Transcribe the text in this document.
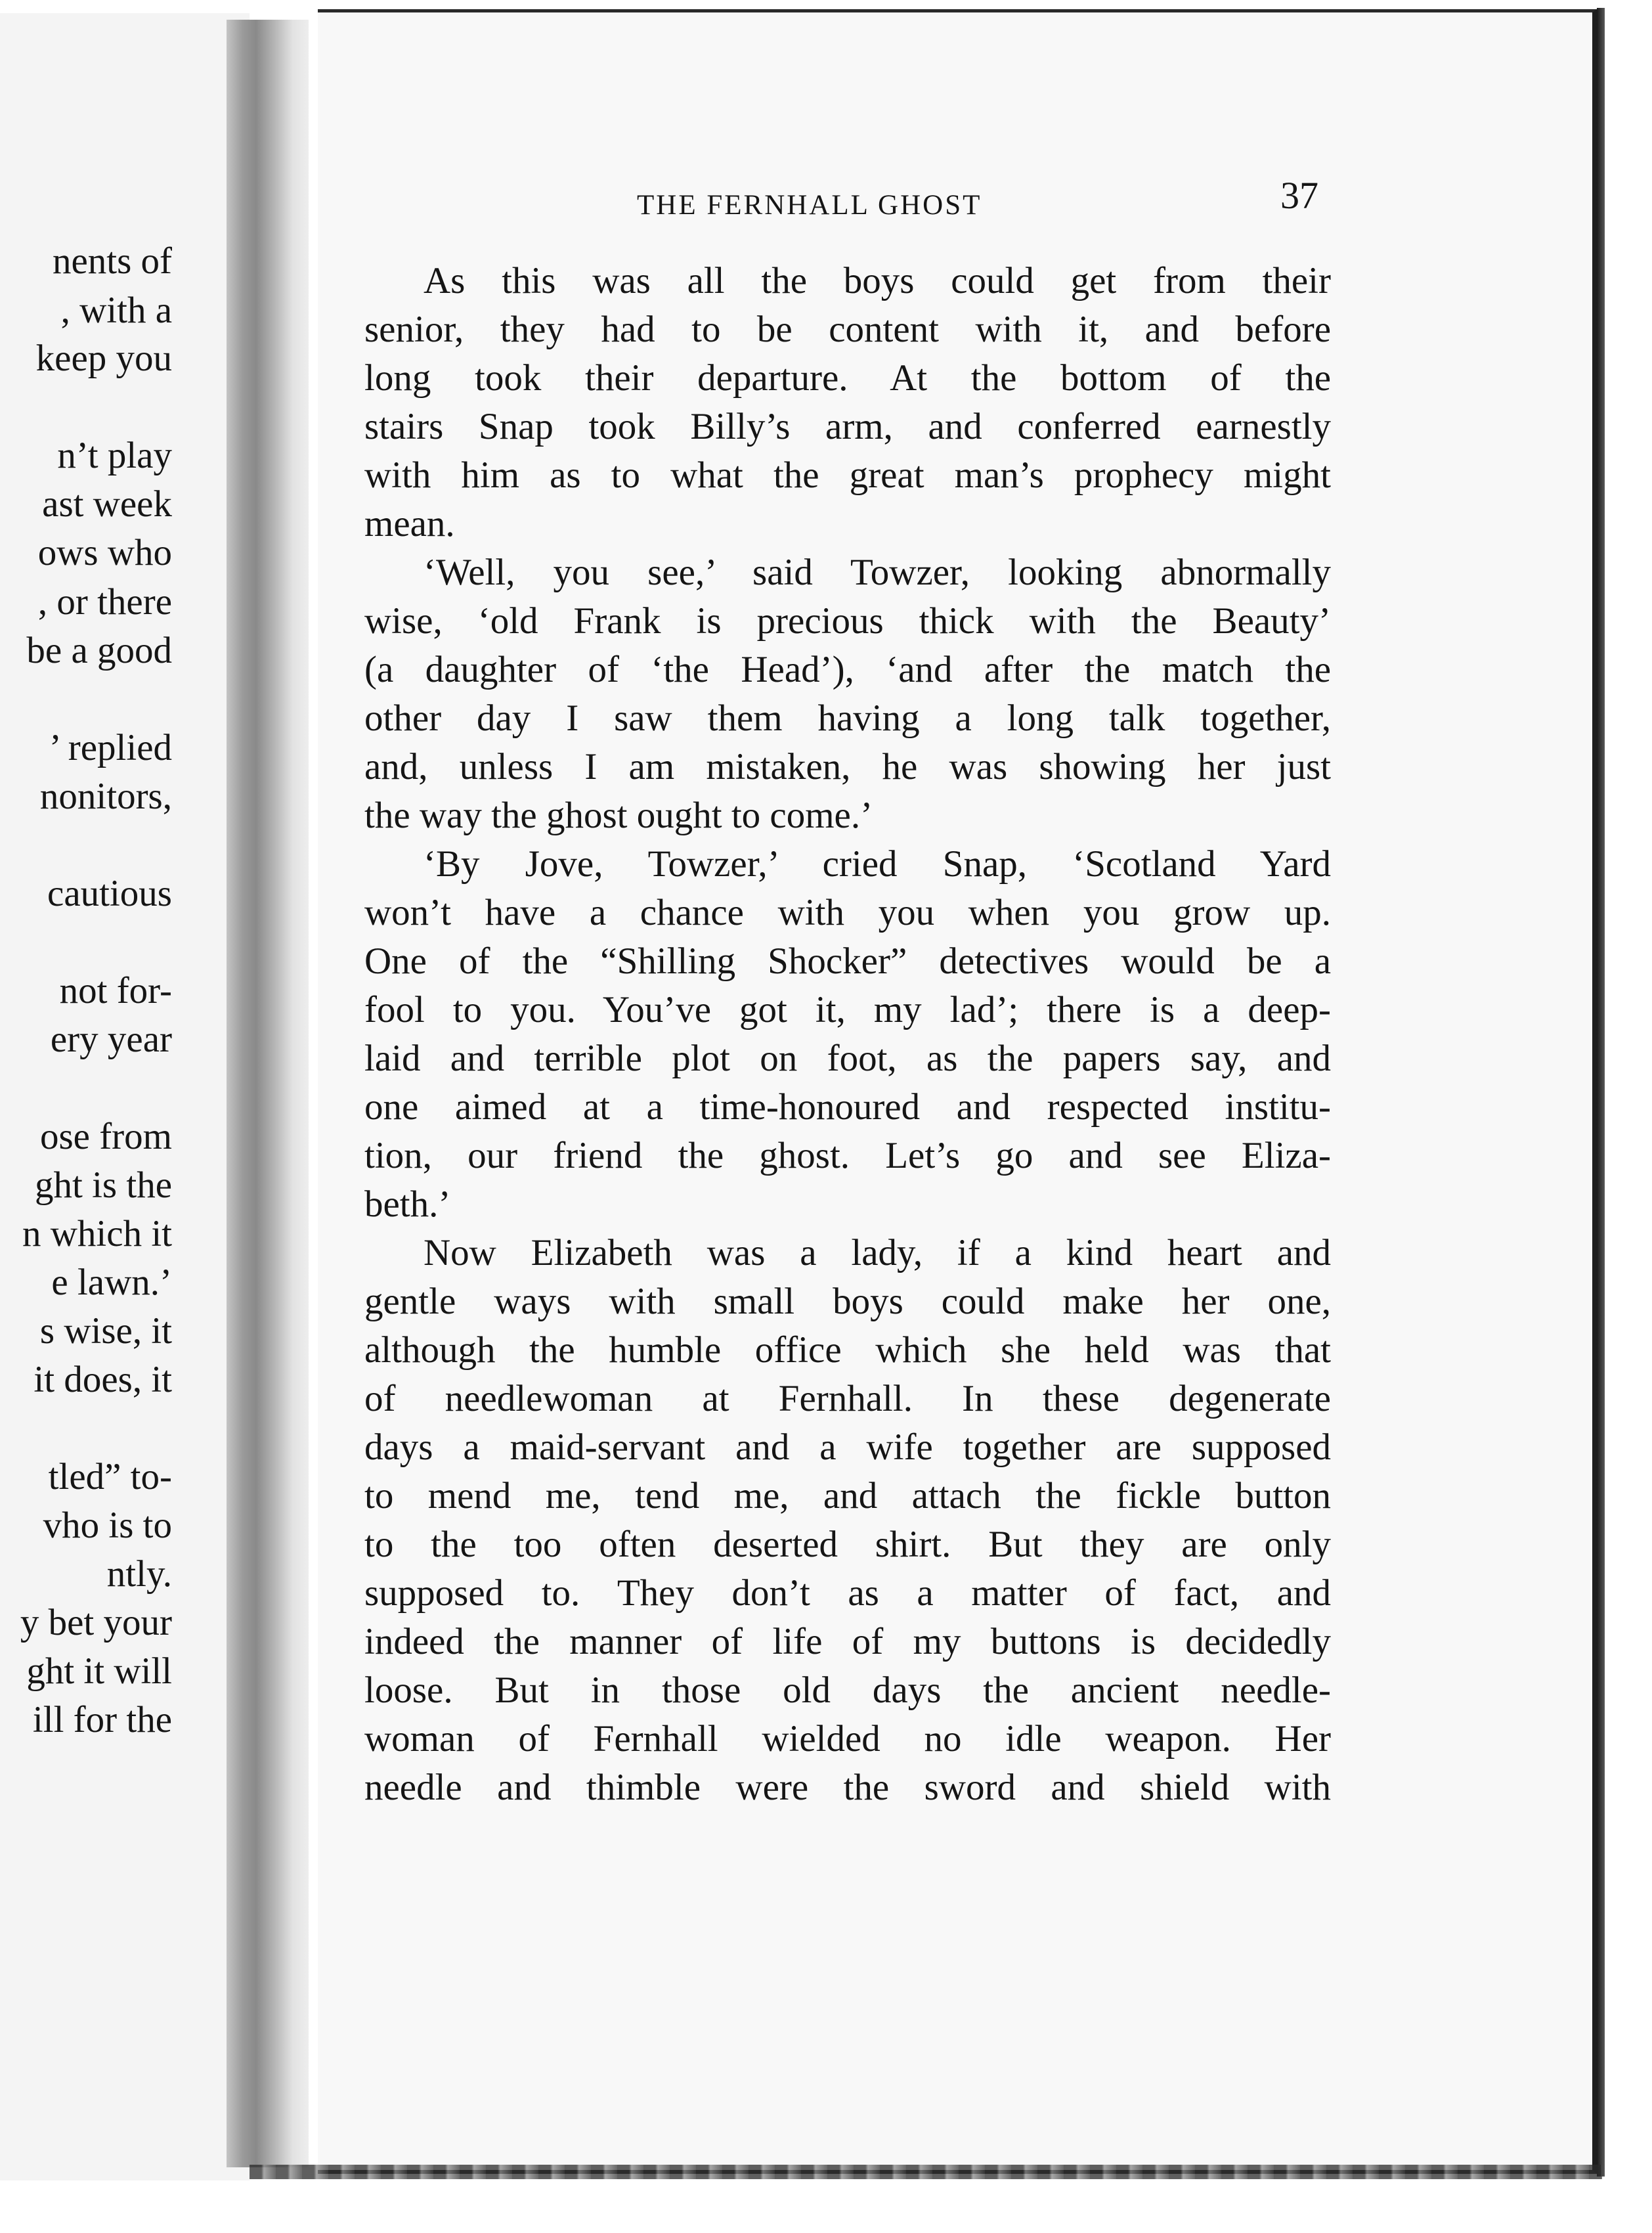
nents of
, with a
keep you
n’t play
ast week
ows who
, or there
be a good
’ replied
nonitors,
cautious
not for-
ery year
ose from
ght is the
n which it
e lawn.’
s wise, it
it does, it
tled” to-
vho is to
ntly.
y bet your
ght it will
ill for the
THE FERNHALL GHOST	37
As this was all the boys could get from their
senior, they had to be content with it, and before
long took their departure. At the bottom of the
stairs Snap took Billy’s arm, and conferred earnestly
with him as to what the great man’s prophecy might
mean.
‘Well, you see,’ said Towzer, looking abnormally
wise, ‘old Frank is precious thick with the Beauty’
(a daughter of ‘the Head’), ‘and after the match the
other day I saw them having a long talk together,
and, unless I am mistaken, he was showing her just
the way the ghost ought to come.’
‘By Jove, Towzer,’ cried Snap, ‘Scotland Yard
won’t have a chance with you when you grow up.
One of the “Shilling Shocker” detectives would be a
fool to you. You’ve got it, my lad’; there is a deep-
laid and terrible plot on foot, as the papers say, and
one aimed at a time-honoured and respected institu-
tion, our friend the ghost. Let’s go and see Eliza-
beth.’
Now Elizabeth was a lady, if a kind heart and
gentle ways with small boys could make her one,
although the humble office which she held was that
of needlewoman at Fernhall. In these degenerate
days a maid-servant and a wife together are supposed
to mend me, tend me, and attach the fickle button
to the too often deserted shirt. But they are only
supposed to. They don’t as a matter of fact, and
indeed the manner of life of my buttons is decidedly
loose. But in those old days the ancient needle-
woman of Fernhall wielded no idle weapon. Her
needle and thimble were the sword and shield with
